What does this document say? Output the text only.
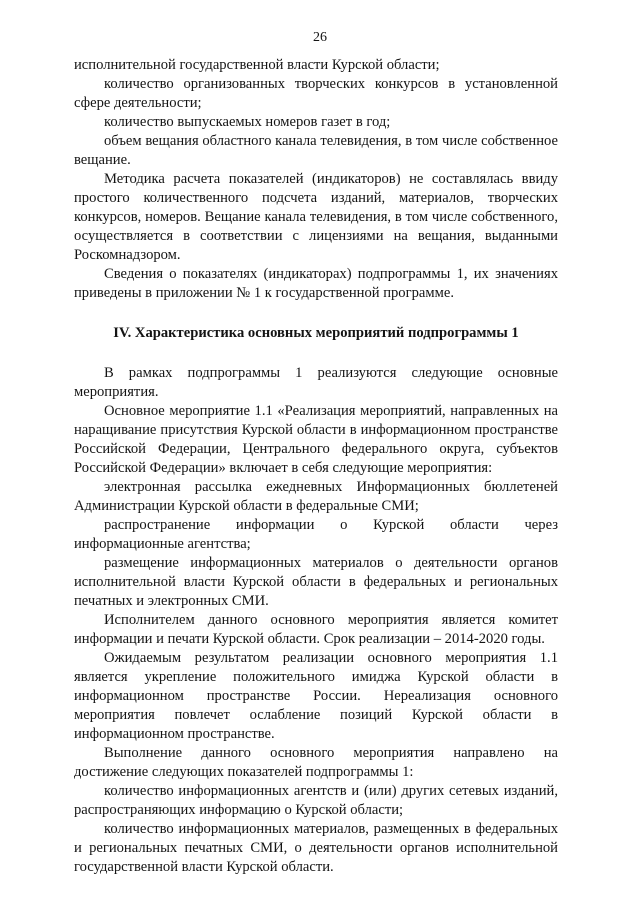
26

исполнительной государственной власти Курской области;

количество организованных творческих конкурсов в установленной сфере деятельности;

количество выпускаемых номеров газет в год;

объем вещания областного канала телевидения, в том числе собственное вещание.

Методика расчета показателей (индикаторов) не составлялась ввиду простого количественного подсчета изданий, материалов, творческих конкурсов, номеров. Вещание канала телевидения, в том числе собственного, осуществляется в соответствии с лицензиями на вещания, выданными Роскомнадзором.

Сведения о показателях (индикаторах) подпрограммы 1, их значениях приведены в приложении № 1 к государственной программе.

IV. Характеристика основных мероприятий подпрограммы 1

В рамках подпрограммы 1 реализуются следующие основные мероприятия.

Основное мероприятие 1.1 «Реализация мероприятий, направленных на наращивание присутствия Курской области в информационном пространстве Российской Федерации, Центрального федерального округа, субъектов Российской Федерации» включает в себя следующие мероприятия:

электронная рассылка ежедневных Информационных бюллетеней Администрации Курской области в федеральные СМИ;

распространение информации о Курской области через информационные агентства;

размещение информационных материалов о деятельности органов исполнительной власти Курской области в федеральных и региональных печатных и электронных СМИ.

Исполнителем данного основного мероприятия является комитет информации и печати Курской области. Срок реализации – 2014-2020 годы.

Ожидаемым результатом реализации основного мероприятия 1.1 является укрепление положительного имиджа Курской области в информационном пространстве России. Нереализация основного мероприятия повлечет ослабление позиций Курской области в информационном пространстве.

Выполнение данного основного мероприятия направлено на достижение следующих показателей подпрограммы 1:

количество информационных агентств и (или) других сетевых изданий, распространяющих информацию о Курской области;

количество информационных материалов, размещенных в федеральных и региональных печатных СМИ, о деятельности органов исполнительной государственной власти Курской области.
